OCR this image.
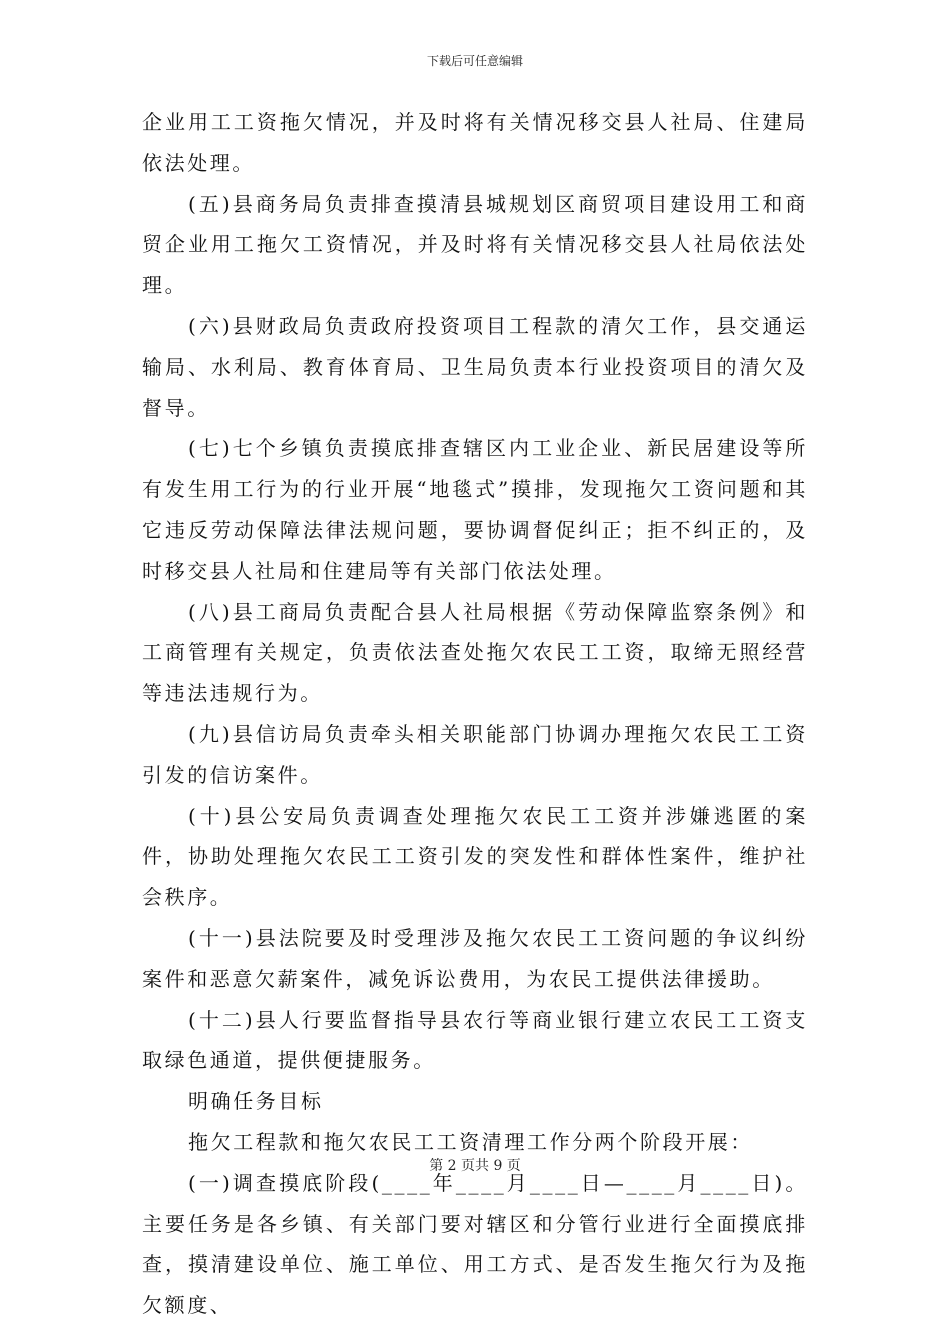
下载后可任意编辑

企业用工工资拖欠情况，并及时将有关情况移交县人社局、住建局依法处理。

(五)县商务局负责排查摸清县城规划区商贸项目建设用工和商贸企业用工拖欠工资情况，并及时将有关情况移交县人社局依法处理。

(六)县财政局负责政府投资项目工程款的清欠工作，县交通运输局、水利局、教育体育局、卫生局负责本行业投资项目的清欠及督导。

(七)七个乡镇负责摸底排查辖区内工业企业、新民居建设等所有发生用工行为的行业开展“地毯式”摸排，发现拖欠工资问题和其它违反劳动保障法律法规问题，要协调督促纠正；拒不纠正的，及时移交县人社局和住建局等有关部门依法处理。

(八)县工商局负责配合县人社局根据《劳动保障监察条例》和工商管理有关规定，负责依法查处拖欠农民工工资，取缔无照经营等违法违规行为。

(九)县信访局负责牵头相关职能部门协调办理拖欠农民工工资引发的信访案件。

(十)县公安局负责调查处理拖欠农民工工资并涉嫌逃匿的案件，协助处理拖欠农民工工资引发的突发性和群体性案件，维护社会秩序。

(十一)县法院要及时受理涉及拖欠农民工工资问题的争议纠纷案件和恶意欠薪案件，减免诉讼费用，为农民工提供法律援助。

(十二)县人行要监督指导县农行等商业银行建立农民工工资支取绿色通道，提供便捷服务。

明确任务目标

拖欠工程款和拖欠农民工工资清理工作分两个阶段开展：

(一)调查摸底阶段(____年____月____日—____月____日)。主要任务是各乡镇、有关部门要对辖区和分管行业进行全面摸底排查，摸清建设单位、施工单位、用工方式、是否发生拖欠行为及拖欠额度、

第 2 页共 9 页
